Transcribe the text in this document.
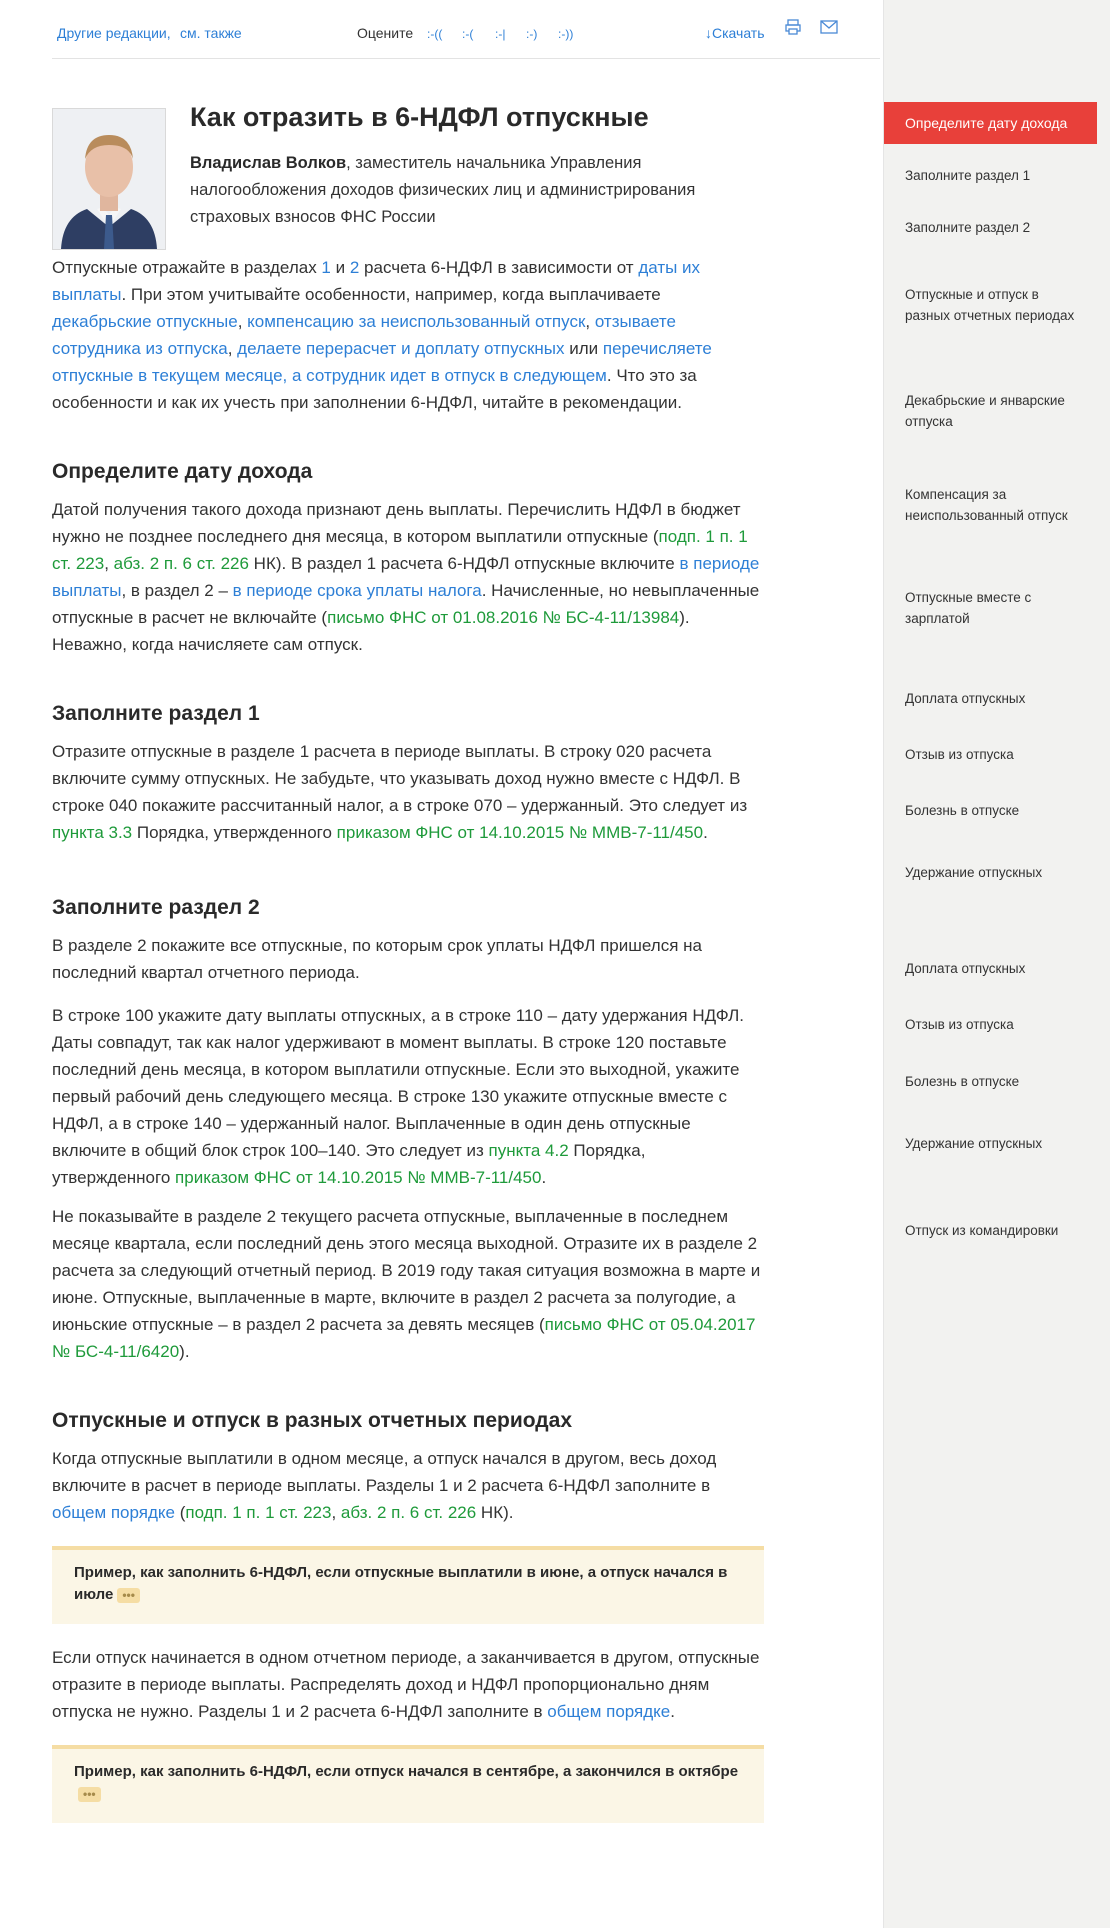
Другие редакции, см. также	Оцените :-(( :-( :-| :-) :-))	↓Скачать
Как отразить в 6-НДФЛ отпускные
Владислав Волков, заместитель начальника Управления налогообложения доходов физических лиц и администрирования страховых взносов ФНС России

Отпускные отражайте в разделах 1 и 2 расчета 6-НДФЛ в зависимости от даты их выплаты. При этом учитывайте особенности, например, когда выплачиваете декабрьские отпускные, компенсацию за неиспользованный отпуск, отзываете сотрудника из отпуска, делаете перерасчет и доплату отпускных или перечисляете отпускные в текущем месяце, а сотрудник идет в отпуск в следующем. Что это за особенности и как их учесть при заполнении 6-НДФЛ, читайте в рекомендации.

Определите дату дохода

Датой получения такого дохода признают день выплаты. Перечислить НДФЛ в бюджет нужно не позднее последнего дня месяца, в котором выплатили отпускные (подп. 1 п. 1 ст. 223, абз. 2 п. 6 ст. 226 НК). В раздел 1 расчета 6-НДФЛ отпускные включите в периоде выплаты, в раздел 2 – в периоде срока уплаты налога. Начисленные, но невыплаченные отпускные в расчет не включайте (письмо ФНС от 01.08.2016 № БС-4-11/13984). Неважно, когда начисляете сам отпуск.

Заполните раздел 1

Отразите отпускные в разделе 1 расчета в периоде выплаты. В строку 020 расчета включите сумму отпускных. Не забудьте, что указывать доход нужно вместе с НДФЛ. В строке 040 покажите рассчитанный налог, а в строке 070 – удержанный. Это следует из пункта 3.3 Порядка, утвержденного приказом ФНС от 14.10.2015 № ММВ-7-11/450.

Заполните раздел 2

В разделе 2 покажите все отпускные, по которым срок уплаты НДФЛ пришелся на последний квартал отчетного периода.

В строке 100 укажите дату выплаты отпускных, а в строке 110 – дату удержания НДФЛ. Даты совпадут, так как налог удерживают в момент выплаты. В строке 120 поставьте последний день месяца, в котором выплатили отпускные. Если это выходной, укажите первый рабочий день следующего месяца. В строке 130 укажите отпускные вместе с НДФЛ, а в строке 140 – удержанный налог. Выплаченные в один день отпускные включите в общий блок строк 100–140. Это следует из пункта 4.2 Порядка, утвержденного приказом ФНС от 14.10.2015 № ММВ-7-11/450.

Не показывайте в разделе 2 текущего расчета отпускные, выплаченные в последнем месяце квартала, если последний день этого месяца выходной. Отразите их в разделе 2 расчета за следующий отчетный период. В 2019 году такая ситуация возможна в марте и июне. Отпускные, выплаченные в марте, включите в раздел 2 расчета за полугодие, а июньские отпускные – в раздел 2 расчета за девять месяцев (письмо ФНС от 05.04.2017 № БС-4-11/6420).

Отпускные и отпуск в разных отчетных периодах

Когда отпускные выплатили в одном месяце, а отпуск начался в другом, весь доход включите в расчет в периоде выплаты. Разделы 1 и 2 расчета 6-НДФЛ заполните в общем порядке (подп. 1 п. 1 ст. 223, абз. 2 п. 6 ст. 226 НК).

Пример, как заполнить 6-НДФЛ, если отпускные выплатили в июне, а отпуск начался в июле •••

Если отпуск начинается в одном отчетном периоде, а заканчивается в другом, отпускные отразите в периоде выплаты. Распределять доход и НДФЛ пропорционально дням отпуска не нужно. Разделы 1 и 2 расчета 6-НДФЛ заполните в общем порядке.

Пример, как заполнить 6-НДФЛ, если отпуск начался в сентябре, а закончился в октябре•••
Определите дату дохода
Заполните раздел 1
Заполните раздел 2
Отпускные и отпуск в разных отчетных периодах
Декабрьские и январские отпуска
Компенсация за неиспользованный отпуск
Отпускные вместе с зарплатой
Доплата отпускных
Отзыв из отпуска
Болезнь в отпуске
Удержание отпускных
Доплата отпускных
Отзыв из отпуска
Болезнь в отпуске
Удержание отпускных
Отпуск из командировки
